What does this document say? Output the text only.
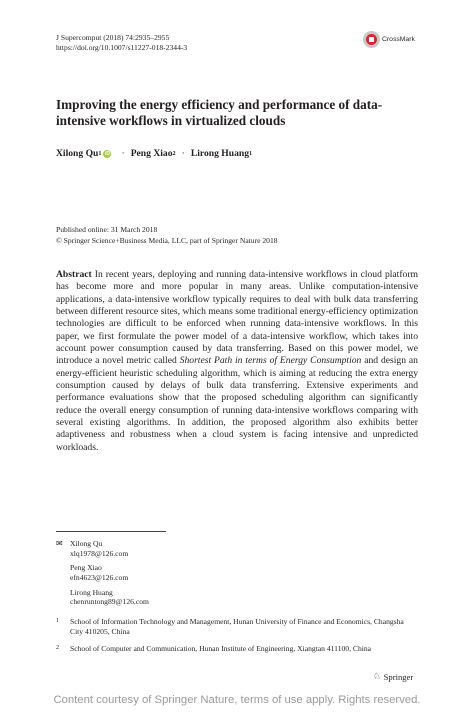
J Supercomput (2018) 74:2935–2955
https://doi.org/10.1007/s11227-018-2344-3
CrossMark
Improving the energy efficiency and performance of data-intensive workflows in virtualized clouds
Xilong Qu 1 iD · Peng Xiao 2 · Lirong Huang 1
Published online: 31 March 2018
© Springer Science+Business Media, LLC, part of Springer Nature 2018
Abstract In recent years, deploying and running data-intensive workflows in cloud platform has become more and more popular in many areas. Unlike computation-intensive applications, a data-intensive workflow typically requires to deal with bulk data transferring between different resource sites, which means some traditional energy-efficiency optimization technologies are difficult to be enforced when running data-intensive workflows. In this paper, we first formulate the power model of a data-intensive workflow, which takes into account power consumption caused by data transferring. Based on this power model, we introduce a novel metric called Shortest Path in terms of Energy Consumption and design an energy-efficient heuristic scheduling algorithm, which is aiming at reducing the extra energy consumption caused by delays of bulk data transferring. Extensive experiments and performance evaluations show that the proposed scheduling algorithm can significantly reduce the overall energy consumption of running data-intensive workflows comparing with several existing algorithms. In addition, the proposed algorithm also exhibits better adaptiveness and robustness when a cloud system is facing intensive and unpredicted workloads.
✉ Xilong Qu
xlq1978@126.com
Peng Xiao
efn4623@126.com
Lirong Huang
chenruntong89@126.com
1	School of Information Technology and Management, Hunan University of Finance and Economics, Changsha City 410205, China
2	School of Computer and Communication, Hunan Institute of Engineering, Xiangtan 411100, China
♘ Springer
Content courtesy of Springer Nature, terms of use apply. Rights reserved.
